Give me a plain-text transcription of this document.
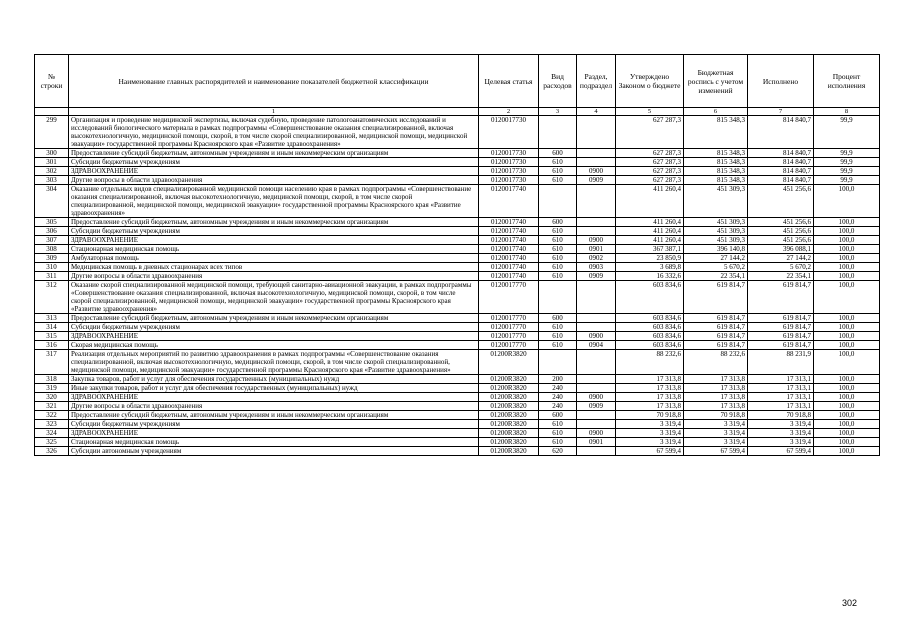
№ строки	Наименование главных распорядителей и наименование показателей бюджетной классификации	Целевая статья	Вид расходов	Раздел, подраздел	Утверждено Законом о бюджете	Бюджетная роспись с учетом изменений	Исполнено	Процент исполнения
	1	2	3	4	5	6	7	8
299	Организация и проведение медицинской экспертизы, включая судебную, проведение патологоанатомических исследований и исследований биологического материала в рамках подпрограммы «Совершенствование оказания специализированной, включая высокотехнологичную, медицинской помощи, скорой, в том числе скорой специализированной, медицинской помощи, медицинской эвакуации» государственной программы Красноярского края «Развитие здравоохранения»	0120017730			627 287,3	815 348,3	814 840,7	99,9
300	Предоставление субсидий бюджетным, автономным учреждениям и иным некоммерческим организациям	0120017730	600		627 287,3	815 348,3	814 840,7	99,9
301	Субсидии бюджетным учреждениям	0120017730	610		627 287,3	815 348,3	814 840,7	99,9
302	ЗДРАВООХРАНЕНИЕ	0120017730	610	0900	627 287,3	815 348,3	814 840,7	99,9
303	Другие вопросы в области здравоохранения	0120017730	610	0909	627 287,3	815 348,3	814 840,7	99,9
304	Оказание отдельных видов специализированной медицинской помощи населению края в рамках подпрограммы «Совершенствование оказания специализированной, включая высокотехнологичную, медицинской помощи, скорой, в том числе скорой специализированной, медицинской помощи, медицинской эвакуации» государственной программы Красноярского края «Развитие здравоохранения»	0120017740			411 260,4	451 309,3	451 256,6	100,0
305	Предоставление субсидий бюджетным, автономным учреждениям и иным некоммерческим организациям	0120017740	600		411 260,4	451 309,3	451 256,6	100,0
306	Субсидии бюджетным учреждениям	0120017740	610		411 260,4	451 309,3	451 256,6	100,0
307	ЗДРАВООХРАНЕНИЕ	0120017740	610	0900	411 260,4	451 309,3	451 256,6	100,0
308	Стационарная медицинская помощь	0120017740	610	0901	367 387,1	396 140,8	396 088,1	100,0
309	Амбулаторная помощь	0120017740	610	0902	23 850,9	27 144,2	27 144,2	100,0
310	Медицинская помощь в дневных стационарах всех типов	0120017740	610	0903	3 689,8	5 670,2	5 670,2	100,0
311	Другие вопросы в области здравоохранения	0120017740	610	0909	16 332,6	22 354,1	22 354,1	100,0
312	Оказание скорой специализированной медицинской помощи, требующей санитарно-авиационной эвакуации, в рамках подпрограммы «Совершенствование оказания специализированной, включая высокотехнологичную, медицинской помощи, скорой, в том числе скорой специализированной, медицинской помощи, медицинской эвакуации» государственной программы Красноярского края «Развитие здравоохранения»	0120017770			603 834,6	619 814,7	619 814,7	100,0
313	Предоставление субсидий бюджетным, автономным учреждениям и иным некоммерческим организациям	0120017770	600		603 834,6	619 814,7	619 814,7	100,0
314	Субсидии бюджетным учреждениям	0120017770	610		603 834,6	619 814,7	619 814,7	100,0
315	ЗДРАВООХРАНЕНИЕ	0120017770	610	0900	603 834,6	619 814,7	619 814,7	100,0
316	Скорая медицинская помощь	0120017770	610	0904	603 834,6	619 814,7	619 814,7	100,0
317	Реализация отдельных мероприятий по развитию здравоохранения в рамках подпрограммы «Совершенствование оказания специализированной, включая высокотехнологичную, медицинской помощи, скорой, в том числе скорой специализированной, медицинской помощи, медицинской эвакуации» государственной программы Красноярского края «Развитие здравоохранения»	01200R3820			88 232,6	88 232,6	88 231,9	100,0
318	Закупка товаров, работ и услуг для обеспечения государственных (муниципальных) нужд	01200R3820	200		17 313,8	17 313,8	17 313,1	100,0
319	Иные закупки товаров, работ и услуг для обеспечения государственных (муниципальных) нужд	01200R3820	240		17 313,8	17 313,8	17 313,1	100,0
320	ЗДРАВООХРАНЕНИЕ	01200R3820	240	0900	17 313,8	17 313,8	17 313,1	100,0
321	Другие вопросы в области здравоохранения	01200R3820	240	0909	17 313,8	17 313,8	17 313,1	100,0
322	Предоставление субсидий бюджетным, автономным учреждениям и иным некоммерческим организациям	01200R3820	600		70 918,8	70 918,8	70 918,8	100,0
323	Субсидии бюджетным учреждениям	01200R3820	610		3 319,4	3 319,4	3 319,4	100,0
324	ЗДРАВООХРАНЕНИЕ	01200R3820	610	0900	3 319,4	3 319,4	3 319,4	100,0
325	Стационарная медицинская помощь	01200R3820	610	0901	3 319,4	3 319,4	3 319,4	100,0
326	Субсидии автономным учреждениям	01200R3820	620		67 599,4	67 599,4	67 599,4	100,0
302
